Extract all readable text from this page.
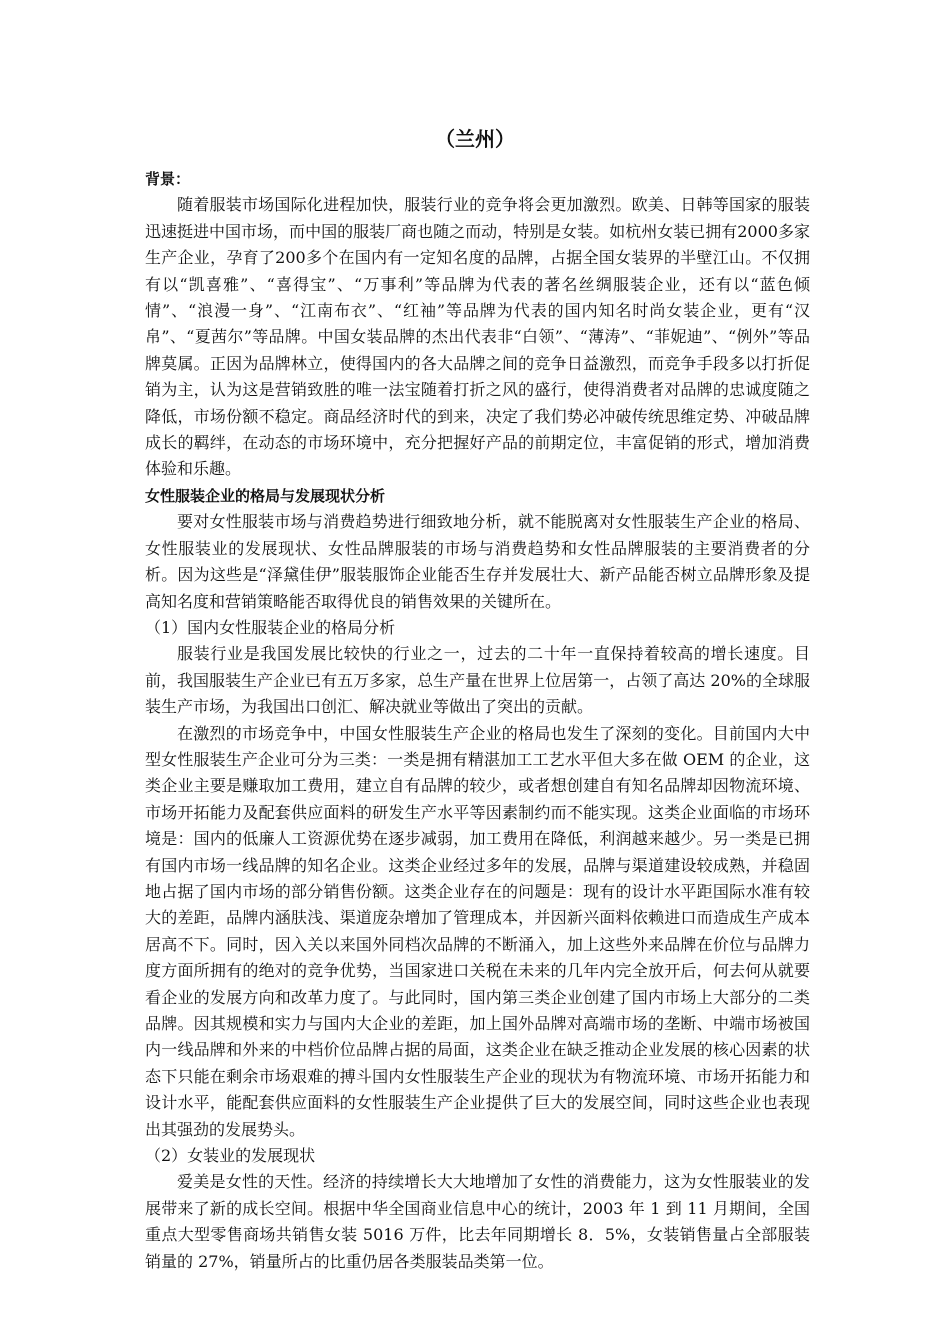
（兰州）

背景：

随着服装市场国际化进程加快，服装行业的竞争将会更加激烈。欧美、日韩等国家的服装迅速挺进中国市场，而中国的服装厂商也随之而动，特别是女装。如杭州女装已拥有2000多家生产企业，孕育了200多个在国内有一定知名度的品牌，占据全国女装界的半壁江山。不仅拥有以“凯喜雅”、“喜得宝”、“万事利”等品牌为代表的著名丝绸服装企业，还有以“蓝色倾情”、“浪漫一身”、“江南布衣”、“红袖”等品牌为代表的国内知名时尚女装企业，更有“汉帛”、“夏茜尔”等品牌。中国女装品牌的杰出代表非“白领”、“薄涛”、“菲妮迪”、“例外”等品牌莫属。正因为品牌林立，使得国内的各大品牌之间的竞争日益激烈，而竞争手段多以打折促销为主，认为这是营销致胜的唯一法宝随着打折之风的盛行，使得消费者对品牌的忠诚度随之降低，市场份额不稳定。商品经济时代的到来，决定了我们势必冲破传统思维定势、冲破品牌成长的羁绊，在动态的市场环境中，充分把握好产品的前期定位，丰富促销的形式，增加消费体验和乐趣。

女性服装企业的格局与发展现状分析

要对女性服装市场与消费趋势进行细致地分析，就不能脱离对女性服装生产企业的格局、女性服装业的发展现状、女性品牌服装的市场与消费趋势和女性品牌服装的主要消费者的分析。因为这些是“泽黛佳伊”服装服饰企业能否生存并发展壮大、新产品能否树立品牌形象及提高知名度和营销策略能否取得优良的销售效果的关键所在。

（1）国内女性服装企业的格局分析

服装行业是我国发展比较快的行业之一，过去的二十年一直保持着较高的增长速度。目前，我国服装生产企业已有五万多家，总生产量在世界上位居第一，占领了高达 20%的全球服装生产市场，为我国出口创汇、解决就业等做出了突出的贡献。

在激烈的市场竞争中，中国女性服装生产企业的格局也发生了深刻的变化。目前国内大中型女性服装生产企业可分为三类：一类是拥有精湛加工工艺水平但大多在做 OEM 的企业，这类企业主要是赚取加工费用，建立自有品牌的较少，或者想创建自有知名品牌却因物流环境、市场开拓能力及配套供应面料的研发生产水平等因素制约而不能实现。这类企业面临的市场环境是：国内的低廉人工资源优势在逐步减弱，加工费用在降低，利润越来越少。另一类是已拥有国内市场一线品牌的知名企业。这类企业经过多年的发展，品牌与渠道建设较成熟，并稳固地占据了国内市场的部分销售份额。这类企业存在的问题是：现有的设计水平距国际水准有较大的差距，品牌内涵肤浅、渠道庞杂增加了管理成本，并因新兴面料依赖进口而造成生产成本居高不下。同时，因入关以来国外同档次品牌的不断涌入，加上这些外来品牌在价位与品牌力度方面所拥有的绝对的竞争优势，当国家进口关税在未来的几年内完全放开后，何去何从就要看企业的发展方向和改革力度了。与此同时，国内第三类企业创建了国内市场上大部分的二类品牌。因其规模和实力与国内大企业的差距，加上国外品牌对高端市场的垄断、中端市场被国内一线品牌和外来的中档价位品牌占据的局面，这类企业在缺乏推动企业发展的核心因素的状态下只能在剩余市场艰难的搏斗国内女性服装生产企业的现状为有物流环境、市场开拓能力和设计水平，能配套供应面料的女性服装生产企业提供了巨大的发展空间，同时这些企业也表现出其强劲的发展势头。

（2）女装业的发展现状

爱美是女性的天性。经济的持续增长大大地增加了女性的消费能力，这为女性服装业的发展带来了新的成长空间。根据中华全国商业信息中心的统计，2003 年 1 到 11 月期间，全国重点大型零售商场共销售女装 5016 万件，比去年同期增长 8．5%，女装销售量占全部服装销量的 27%，销量所占的比重仍居各类服装品类第一位。
